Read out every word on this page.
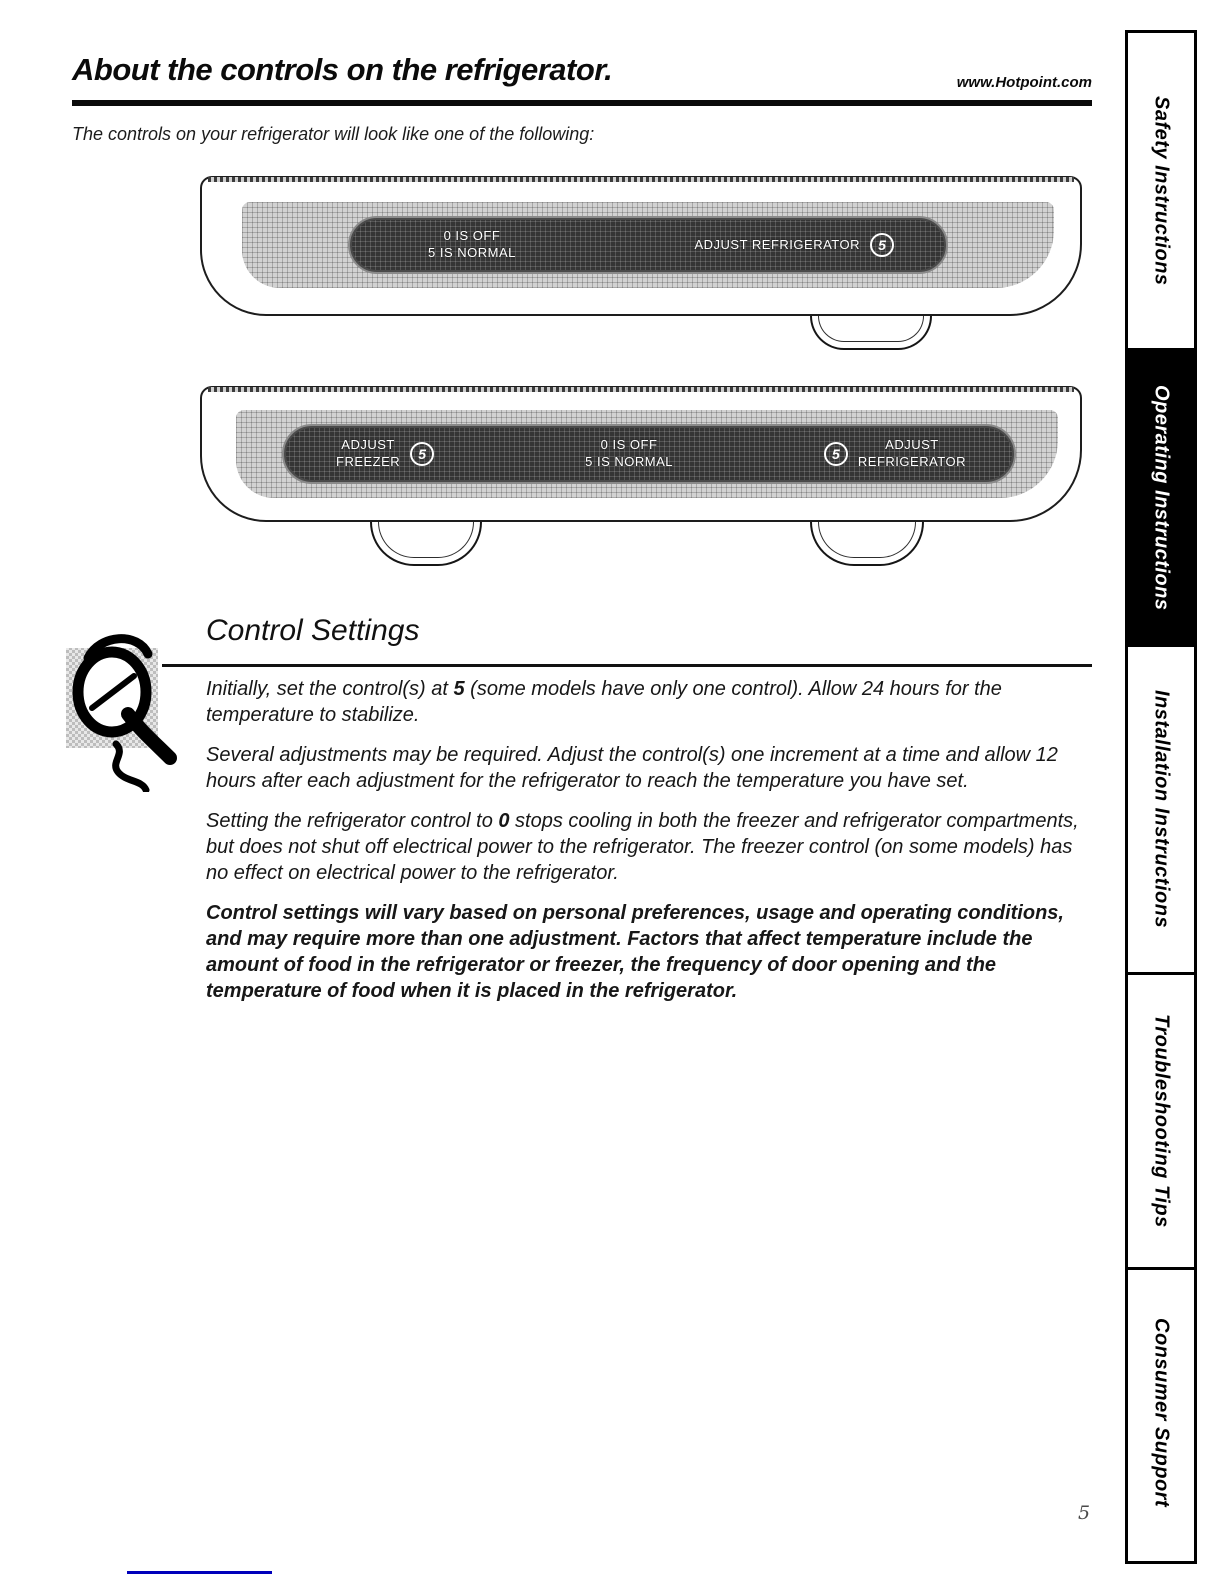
About the controls on the refrigerator.	www.Hotpoint.com
The controls on your refrigerator will look like one of the following:
0 IS OFF
5 IS NORMAL
ADJUST REFRIGERATOR	5
ADJUST
FREEZER	5
0 IS OFF
5 IS NORMAL	5
ADJUST
REFRIGERATOR
Control Settings

Initially, set the control(s) at 5 (some models have only one control). Allow 24 hours for the temperature to stabilize.

Several adjustments may be required. Adjust the control(s) one increment at a time and allow 12 hours after each adjustment for the refrigerator to reach the temperature you have set.

Setting the refrigerator control to 0 stops cooling in both the freezer and refrigerator compartments, but does not shut off electrical power to the refrigerator. The freezer control (on some models) has no effect on electrical power to the refrigerator.

Control settings will vary based on personal preferences, usage and operating conditions, and may require more than one adjustment. Factors that affect temperature include the amount of food in the refrigerator or freezer, the frequency of door opening and the temperature of food when it is placed in the refrigerator.

Safety Instructions
Operating Instructions
Installation Instructions
Troubleshooting Tips
Consumer Support
5
